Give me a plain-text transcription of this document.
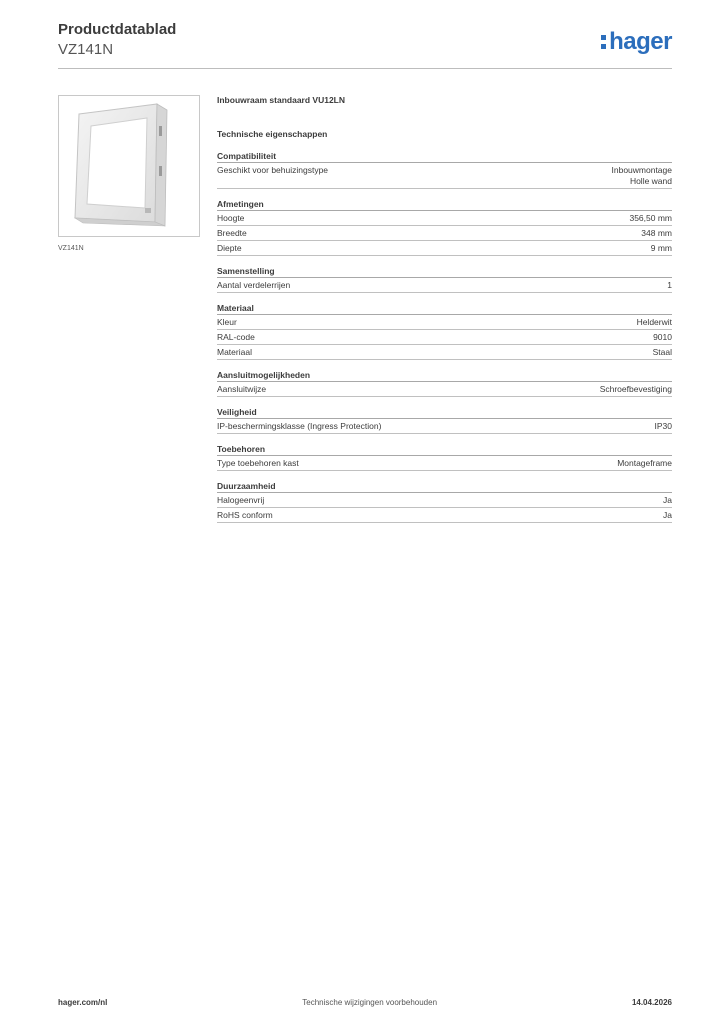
Productdatablad
VZ141N	hager
VZ141N
Inbouwraam standaard VU12LN
Technische eigenschappen
Compatibiliteit
Geschikt voor behuizingstype	Inbouwmontage
Holle wand
Afmetingen
Hoogte	356,50 mm
Breedte	348 mm
Diepte	9 mm
Samenstelling
Aantal verdelerrijen	1
Materiaal
Kleur	Helderwit
RAL-code	9010
Materiaal	Staal
Aansluitmogelijkheden
Aansluitwijze	Schroefbevestiging
Veiligheid
IP-beschermingsklasse (Ingress Protection)	IP30
Toebehoren
Type toebehoren kast	Montageframe
Duurzaamheid
Halogeenvrij	Ja
RoHS conform	Ja
hager.com/nl	Technische wijzigingen voorbehouden	14.04.2026
